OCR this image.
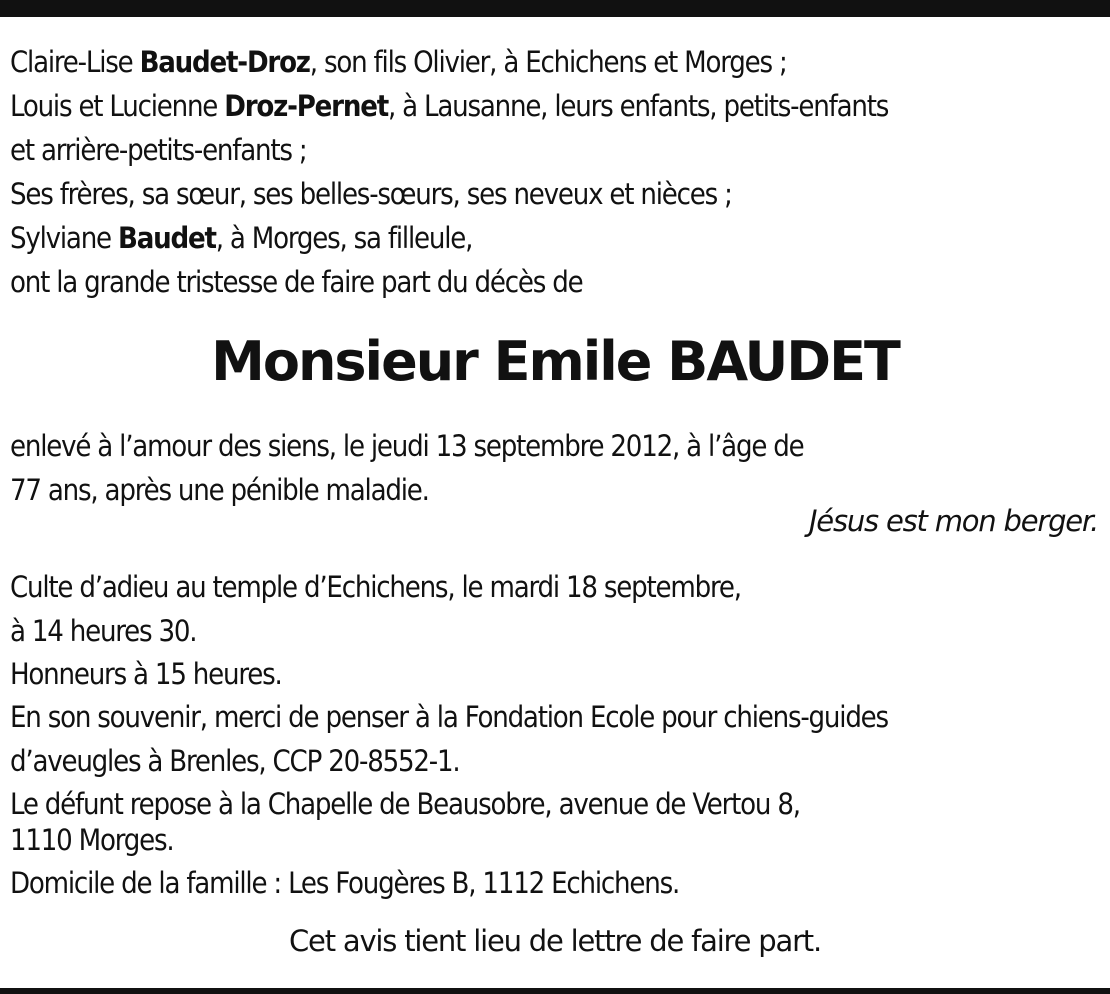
Claire-Lise Baudet-Droz, son fils Olivier, à Echichens et Morges ;
Louis et Lucienne Droz-Pernet, à Lausanne, leurs enfants, petits-enfants
et arrière-petits-enfants ;
Ses frères, sa sœur, ses belles-sœurs, ses neveux et nièces ;
Sylviane Baudet, à Morges, sa filleule,
ont la grande tristesse de faire part du décès de
Monsieur Emile BAUDET
enlevé à l’amour des siens, le jeudi 13 septembre 2012, à l’âge de
77 ans, après une pénible maladie.
Jésus est mon berger.
Culte d’adieu au temple d’Echichens, le mardi 18 septembre,
à 14 heures 30.
Honneurs à 15 heures.
En son souvenir, merci de penser à la Fondation Ecole pour chiens-guides
d’aveugles à Brenles, CCP 20-8552-1.
Le défunt repose à la Chapelle de Beausobre, avenue de Vertou 8,
1110 Morges.
Domicile de la famille : Les Fougères B, 1112 Echichens.
Cet avis tient lieu de lettre de faire part.
